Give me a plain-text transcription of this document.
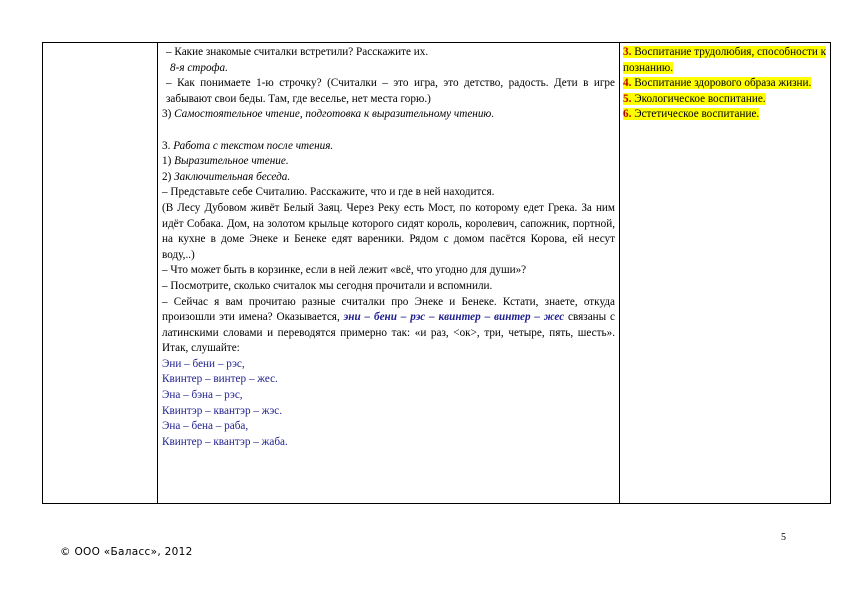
– Какие знакомые считалки встретили? Расскажите их.

8-я строфа.

– Как понимаете 1-ю строчку? (Считалки – это игра, это детство, радость. Дети в игре забывают свои беды. Там, где веселье, нет места горю.)

3) Самостоятельное чтение, подготовка к выразительному чтению.

3. Работа с текстом после чтения.

1) Выразительное чтение.

2) Заключительная беседа.

– Представьте себе Считалию. Расскажите, что и где в ней находится.

(В Лесу Дубовом живёт Белый Заяц. Через Реку есть Мост, по которому едет Грека. За ним идёт Собака. Дом, на золотом крыльце которого сидят король, королевич, сапожник, портной, на кухне в доме Энеке и Бенеке едят вареники. Рядом с домом пасётся Корова, ей несут воду,..)

– Что может быть в корзинке, если в ней лежит «всё, что угодно для души»?

– Посмотрите, сколько считалок мы сегодня прочитали и вспомнили.

– Сейчас я вам прочитаю разные считалки про Энеке и Бенеке. Кстати, знаете, откуда произошли эти имена? Оказывается, эни – бени – рэс – квинтер – винтер – жес связаны с латинскими словами и переводятся примерно так: «и раз, <ок>, три, четыре, пять, шесть». Итак, слушайте:

Эни – бени – рэс,

Квинтер – винтер – жес.

Эна – бэна – рэс,

Квинтэр – квантэр – жэс.

Эна – бена – раба,

Квинтер – квантэр – жаба.

3. Воспитание трудолюбия, способности к познанию.

4. Воспитание здорового образа жизни.

5. Экологическое воспитание.

6. Эстетическое воспитание.

5
© ООО «Баласс», 2012
